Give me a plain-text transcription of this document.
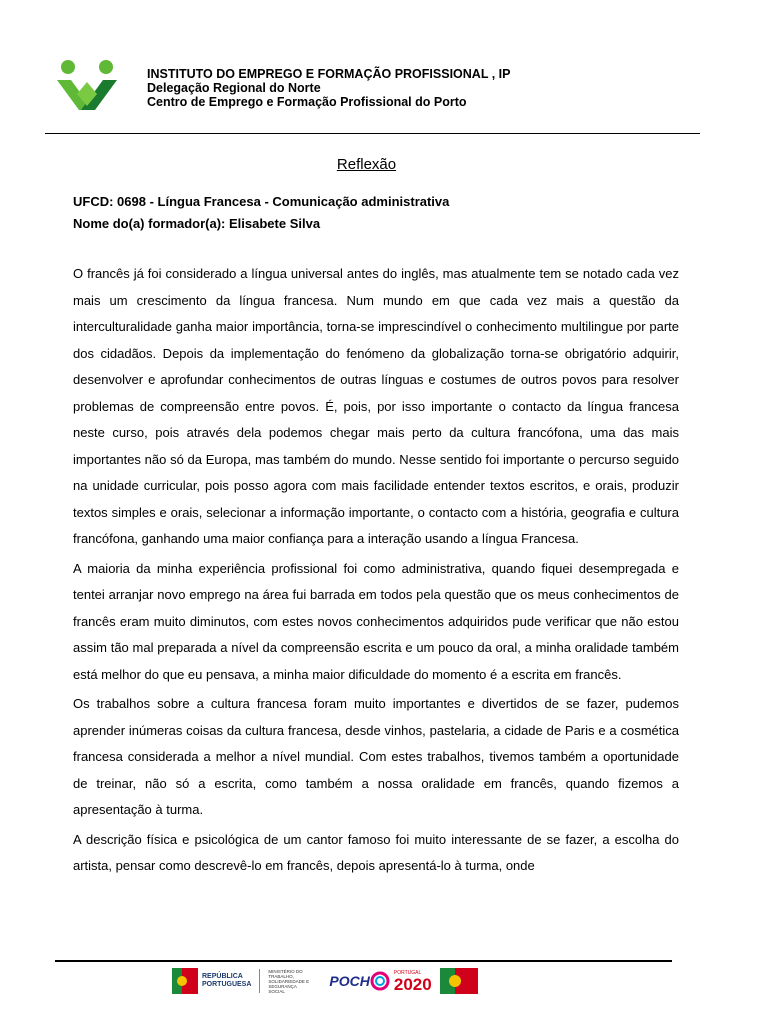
INSTITUTO DO EMPREGO E FORMAÇÃO PROFISSIONAL , IP
Delegação Regional do Norte
Centro de Emprego e Formação Profissional do Porto
Reflexão
UFCD: 0698 - Língua Francesa - Comunicação administrativa
Nome do(a) formador(a): Elisabete Silva

O francês já foi considerado a língua universal antes do inglês, mas atualmente tem se notado cada vez mais um crescimento da língua francesa. Num mundo em que cada vez mais a questão da interculturalidade ganha maior importância, torna-se imprescindível o conhecimento multilingue por parte dos cidadãos. Depois da implementação do fenómeno da globalização torna-se obrigatório adquirir, desenvolver e aprofundar conhecimentos de outras línguas e costumes de outros povos para resolver problemas de compreensão entre povos. É, pois, por isso importante o contacto da língua francesa neste curso, pois através dela podemos chegar mais perto da cultura francófona, uma das mais importantes não só da Europa, mas também do mundo. Nesse sentido foi importante o percurso seguido na unidade curricular, pois posso agora com mais facilidade entender textos escritos, e orais, produzir textos simples e orais, selecionar a informação importante, o contacto com a história, geografia e cultura francófona, ganhando uma maior confiança para a interação usando a língua Francesa.

A maioria da minha experiência profissional foi como administrativa, quando fiquei desempregada e tentei arranjar novo emprego na área fui barrada em todos pela questão que os meus conhecimentos de francês eram muito diminutos, com estes novos conhecimentos adquiridos pude verificar que não estou assim tão mal preparada a nível da compreensão escrita e um pouco da oral, a minha oralidade também está melhor do que eu pensava, a minha maior dificuldade do momento é a escrita em francês.

Os trabalhos sobre a cultura francesa foram muito importantes e divertidos de se fazer, pudemos aprender inúmeras coisas da cultura francesa, desde vinhos, pastelaria, a cidade de Paris e a cosmética francesa considerada a melhor a nível mundial. Com estes trabalhos, tivemos também a oportunidade de treinar, não só a escrita, como também a nossa oralidade em francês, quando fizemos a apresentação à turma.

A descrição física e psicológica de um cantor famoso foi muito interessante de se fazer, a escolha do artista, pensar como descrevê-lo em francês, depois apresentá-lo à turma, onde

REPÚBLICA
PORTUGUESA
MINISTÉRIO DO TRABALHO,
SOLIDARIEDADE E SEGURANÇA
SOCIAL
POCH
PORTUGAL
2020
